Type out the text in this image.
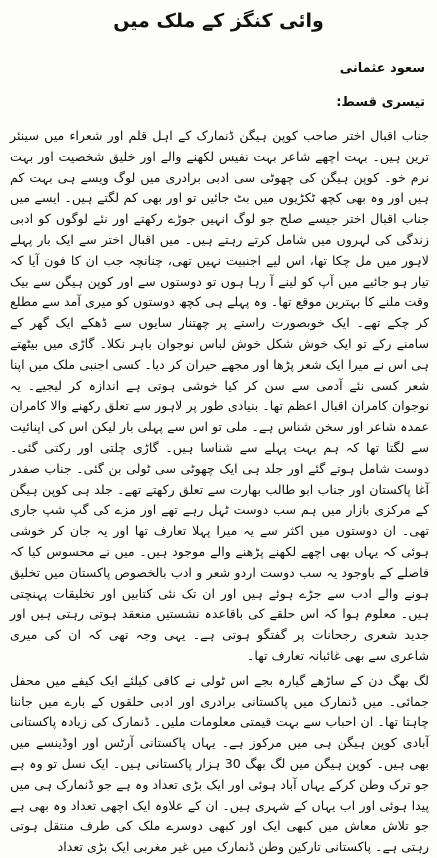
وائی کنگز کے ملک میں
سعود عثمانی
تیسری قسط:

جناب اقبال اختر صاحب کوپن ہیگن ڈنمارک کے اہل قلم اور شعراء میں سینئر ترین ہیں۔ بہت اچھے شاعر بہت نفیس لکھنے والے اور خلیق شخصیت اور بہت نرم خو۔ کوپن ہیگن کی چھوٹی سی ادبی برادری میں لوگ ویسے ہی بہت کم ہیں اور وہ بھی کچھ ٹکڑیوں میں بٹ جائیں تو اور بھی کم لگتے ہیں۔ ایسے میں جناب اقبال اختر جیسے صلح جو لوگ انہیں جوڑے رکھتے اور نئے لوگوں کو ادبی زندگی کی لہروں میں شامل کرتے رہتے ہیں۔ میں اقبال اختر سے ایک بار پہلے لاہور میں مل چکا تھا، اس لیے اجنبیت نہیں تھی، چنانچہ جب ان کا فون آیا کہ تیار ہو جائیے میں آپ کو لینے آ رہا ہوں تو دوستوں سے اور کوپن ہیگن سے بیک وقت ملنے کا بہترین موقع تھا۔ وہ پہلے ہی کچھ دوستوں کو میری آمد سے مطلع کر چکے تھے۔ ایک خوبصورت راستے پر چھتنار سایوں سے ڈھکے ایک گھر کے سامنے رکے تو ایک خوش شکل خوش لباس نوجوان باہر نکلا۔ گاڑی میں بیٹھتے ہی اس نے میرا ایک شعر پڑھا اور مجھے حیران کر دیا۔ کسی اجنبی ملک میں اپنا شعر کسی نئے آدمی سے سن کر کیا خوشی ہوتی ہے اندازہ کر لیجیے۔ یہ نوجوان کامران اقبال اعظم تھا۔ بنیادی طور پر لاہور سے تعلق رکھنے والا کامران عمدہ شاعر اور سخن شناس ہے۔ ملی تو اس سے پہلی بار لیکن اس کی اپنائیت سے لگتا تھا کہ ہم بہت پہلے سے شناسا ہیں۔ گاڑی چلتی اور رکتی گئی۔ دوست شامل ہوتے گئے اور جلد ہی ایک چھوٹی سی ٹولی بن گئی۔ جناب صفدر آغا پاکستان اور جناب ابو طالب بھارت سے تعلق رکھتے تھے۔ جلد ہی کوپن ہیگن کے مرکزی بازار میں ہم سب دوست ٹہل رہے تھے اور مزے کی گپ شپ جاری تھی۔ ان دوستوں میں اکثر سے یہ میرا پہلا تعارف تھا اور یہ جان کر خوشی ہوئی کہ یہاں بھی اچھے لکھنے پڑھنے والے موجود ہیں۔ میں نے محسوس کیا کہ فاصلے کے باوجود یہ سب دوست اردو شعر و ادب بالخصوص پاکستان میں تخلیق ہونے والے ادب سے جڑے ہوئے ہیں اور ان تک نئی کتابیں اور تخلیقات پہنچتی ہیں۔ معلوم ہوا کہ اس حلقے کی باقاعدہ نشستیں منعقد ہوتی رہتی ہیں اور جدید شعری رجحانات پر گفتگو ہوتی ہے۔ یہی وجہ تھی کہ ان کی میری شاعری سے بھی غائبانہ تعارف تھا۔

لگ بھگ دن کے ساڑھے گیارہ بجے اس ٹولی نے کافی کیلئے ایک کیفے میں محفل جمائی۔ میں ڈنمارک میں پاکستانی برادری اور ادبی حلقوں کے بارے میں جاننا چاہتا تھا۔ ان احباب سے بہت قیمتی معلومات ملیں۔ ڈنمارک کی زیادہ پاکستانی آبادی کوپن ہیگن ہی میں مرکوز ہے۔ یہاں پاکستانی آرٹس اور اوڈینسے میں بھی ہیں۔ کوپن ہیگن میں لگ بھگ 30 ہزار پاکستانی ہیں۔ ایک نسل تو وہ ہے جو ترک وطن کرکے یہاں آباد ہوئی اور ایک بڑی تعداد وہ ہے جو ڈنمارک ہی میں پیدا ہوئی اور اب یہاں کے شہری ہیں۔ ان کے علاوہ ایک اچھی تعداد وہ بھی ہے جو تلاش معاش میں کبھی ایک اور کبھی دوسرے ملک کی طرف منتقل ہوتی رہتی ہے۔ پاکستانی تارکین وطن ڈنمارک میں غیر مغربی ایک بڑی تعداد
